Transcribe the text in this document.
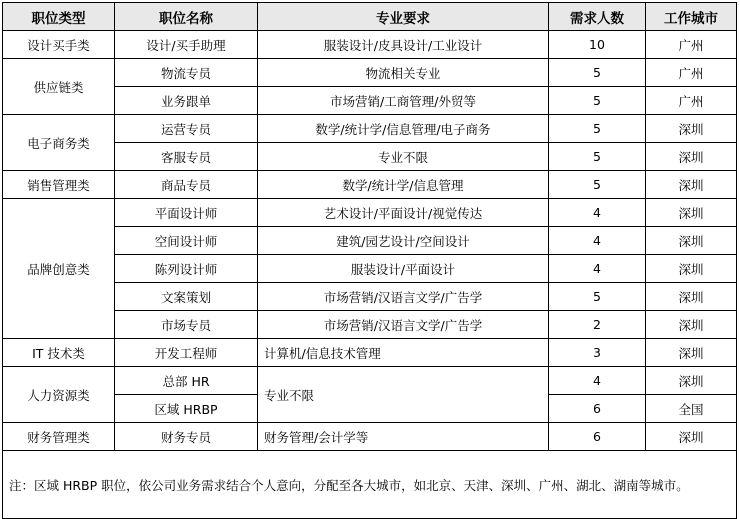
职位类型	职位名称	专业要求	需求人数	工作城市
设计买手类	设计/买手助理	服装设计/皮具设计/工业设计	10	广州
供应链类	物流专员	物流相关专业	5	广州
	业务跟单	市场营销/工商管理/外贸等	5	广州
电子商务类	运营专员	数学/统计学/信息管理/电子商务	5	深圳
	客服专员	专业不限	5	深圳
销售管理类	商品专员	数学/统计学/信息管理	5	深圳
品牌创意类	平面设计师	艺术设计/平面设计/视觉传达	4	深圳
	空间设计师	建筑/园艺设计/空间设计	4	深圳
	陈列设计师	服装设计/平面设计	4	深圳
	文案策划	市场营销/汉语言文学/广告学	5	深圳
	市场专员	市场营销/汉语言文学/广告学	2	深圳
IT 技术类	开发工程师	计算机/信息技术管理	3	深圳
人力资源类	总部 HR	专业不限	4	深圳
	区域 HRBP		6	全国
财务管理类	财务专员	财务管理/会计学等	6	深圳
注：区域 HRBP 职位，依公司业务需求结合个人意向，分配至各大城市，如北京、天津、深圳、广州、湖北、湖南等城市。				
